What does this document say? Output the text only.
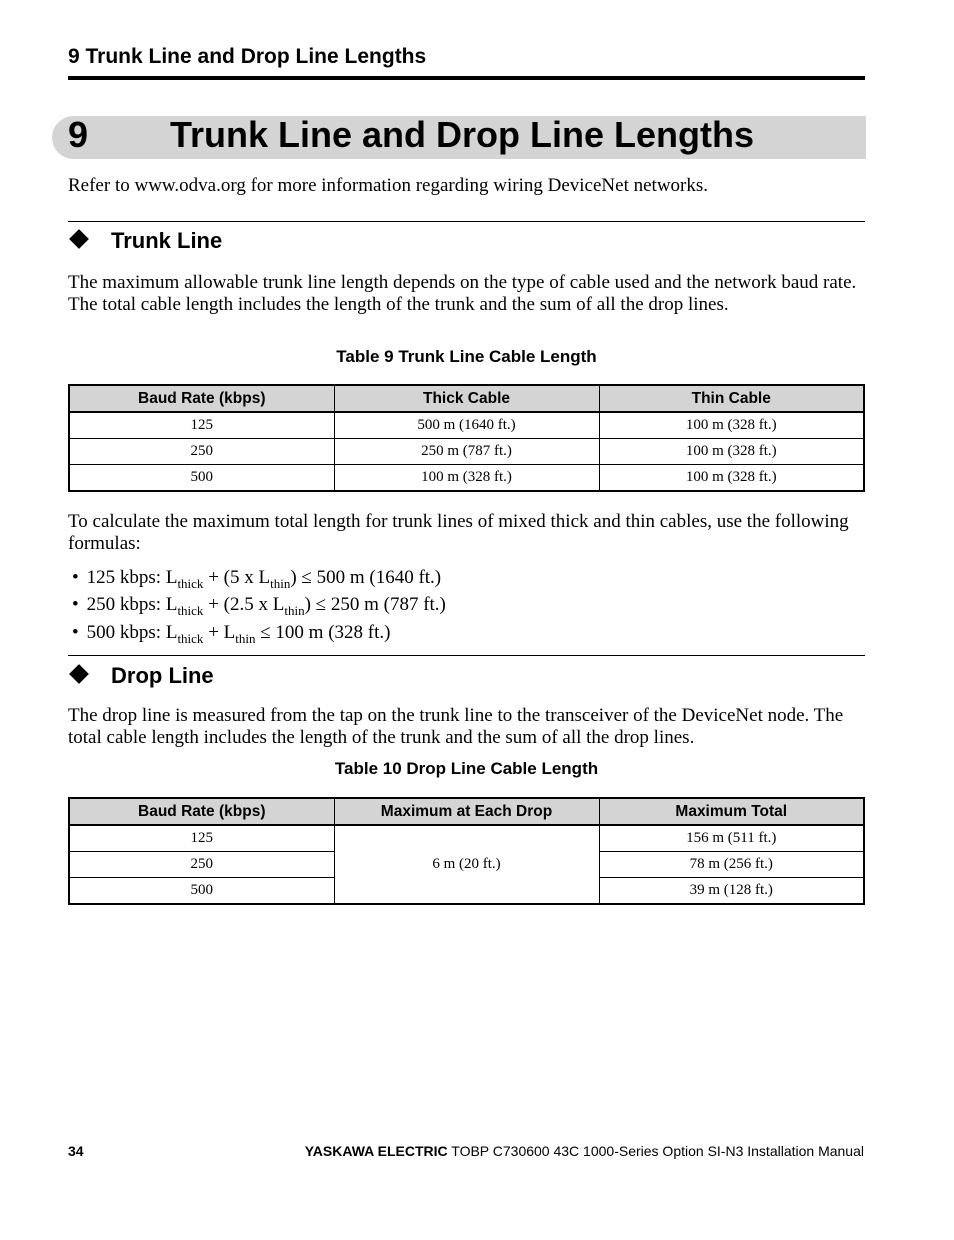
9 Trunk Line and Drop Line Lengths
9 Trunk Line and Drop Line Lengths
Refer to www.odva.org for more information regarding wiring DeviceNet networks.
Trunk Line
The maximum allowable trunk line length depends on the type of cable used and the network baud rate. The total cable length includes the length of the trunk and the sum of all the drop lines.
Table 9 Trunk Line Cable Length
Baud Rate (kbps)	Thick Cable	Thin Cable
125	500 m (1640 ft.)	100 m (328 ft.)
250	250 m (787 ft.)	100 m (328 ft.)
500	100 m (328 ft.)	100 m (328 ft.)
To calculate the maximum total length for trunk lines of mixed thick and thin cables, use the following formulas:
• 125 kbps: $L_{thick} + (5$ x $L_{thin}) \le 500$ m (1640 ft.)
• 250 kbps: $L_{thick} + (2.5$ x $L_{thin}) \le 250$ m (787 ft.)
• 500 kbps: $L_{thick} + L_{thin} \le 100$ m (328 ft.)
Drop Line
The drop line is measured from the tap on the trunk line to the transceiver of the DeviceNet node. The total cable length includes the length of the trunk and the sum of all the drop lines.
Table 10 Drop Line Cable Length
Baud Rate (kbps)	Maximum at Each Drop	Maximum Total
125	6 m (20 ft.)	156 m (511 ft.)
250		78 m (256 ft.)
500		39 m (128 ft.)
34	YASKAWA ELECTRIC TOBP C730600 43C 1000-Series Option SI-N3 Installation Manual
